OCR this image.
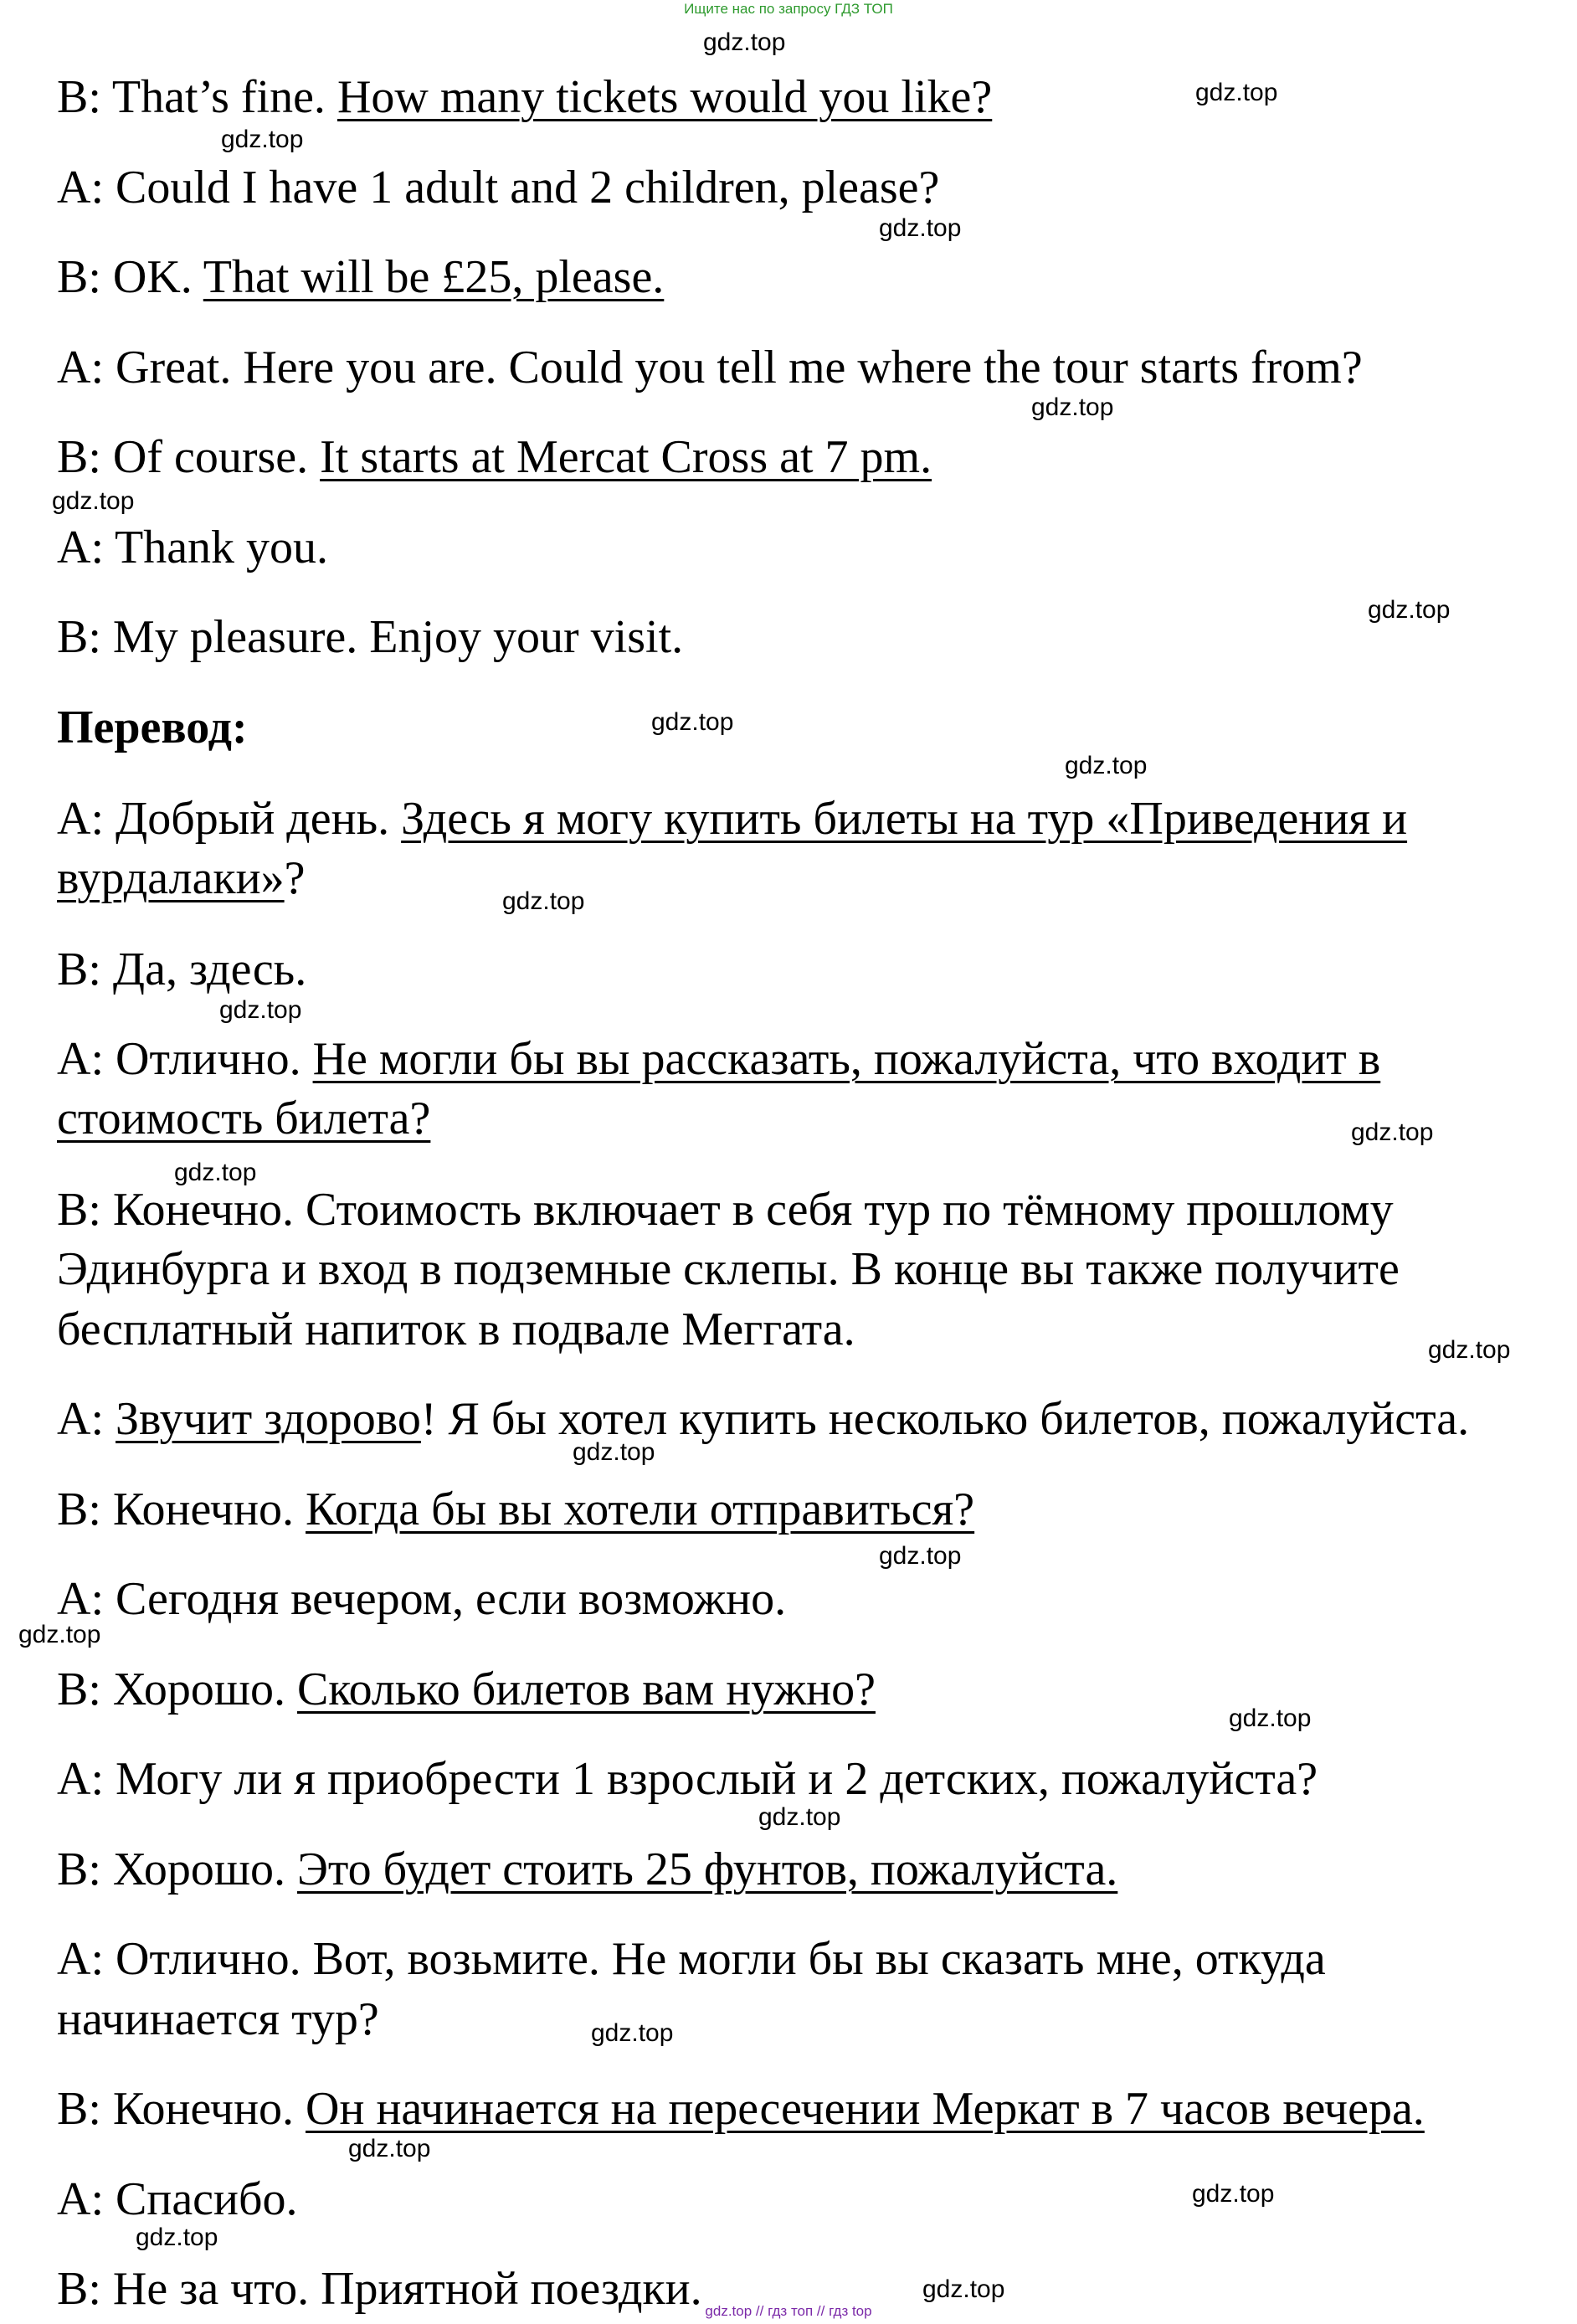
Ищите нас по запросу ГДЗ ТОП
B: That’s fine. How many tickets would you like?
A: Could I have 1 adult and 2 children, please?
B: OK. That will be £25, please.
A: Great. Here you are. Could you tell me where the tour starts from?
B: Of course. It starts at Mercat Cross at 7 pm.
A: Thank you.
B: My pleasure. Enjoy your visit.
Перевод:
A: Добрый день. Здесь я могу купить билеты на тур «Приведения и
вурдалаки»?
B: Да, здесь.
A: Отлично. Не могли бы вы рассказать, пожалуйста, что входит в
стоимость билета?
B: Конечно. Стоимость включает в себя тур по тёмному прошлому
Эдинбурга и вход в подземные склепы. В конце вы также получите
бесплатный напиток в подвале Меггата.
A: Звучит здорово! Я бы хотел купить несколько билетов, пожалуйста.
B: Конечно. Когда бы вы хотели отправиться?
A: Сегодня вечером, если возможно.
B: Хорошо. Сколько билетов вам нужно?
A: Могу ли я приобрести 1 взрослый и 2 детских, пожалуйста?
B: Хорошо. Это будет стоить 25 фунтов, пожалуйста.
A: Отлично. Вот, возьмите. Не могли бы вы сказать мне, откуда
начинается тур?
B: Конечно. Он начинается на пересечении Меркат в 7 часов вечера.
A: Спасибо.
B: Не за что. Приятной поездки.
gdz.top
gdz.top
gdz.top
gdz.top
gdz.top
gdz.top
gdz.top
gdz.top
gdz.top
gdz.top
gdz.top
gdz.top
gdz.top
gdz.top
gdz.top
gdz.top
gdz.top
gdz.top
gdz.top
gdz.top
gdz.top
gdz.top
gdz.top
gdz.top
gdz.top // гдз топ // гдз top
